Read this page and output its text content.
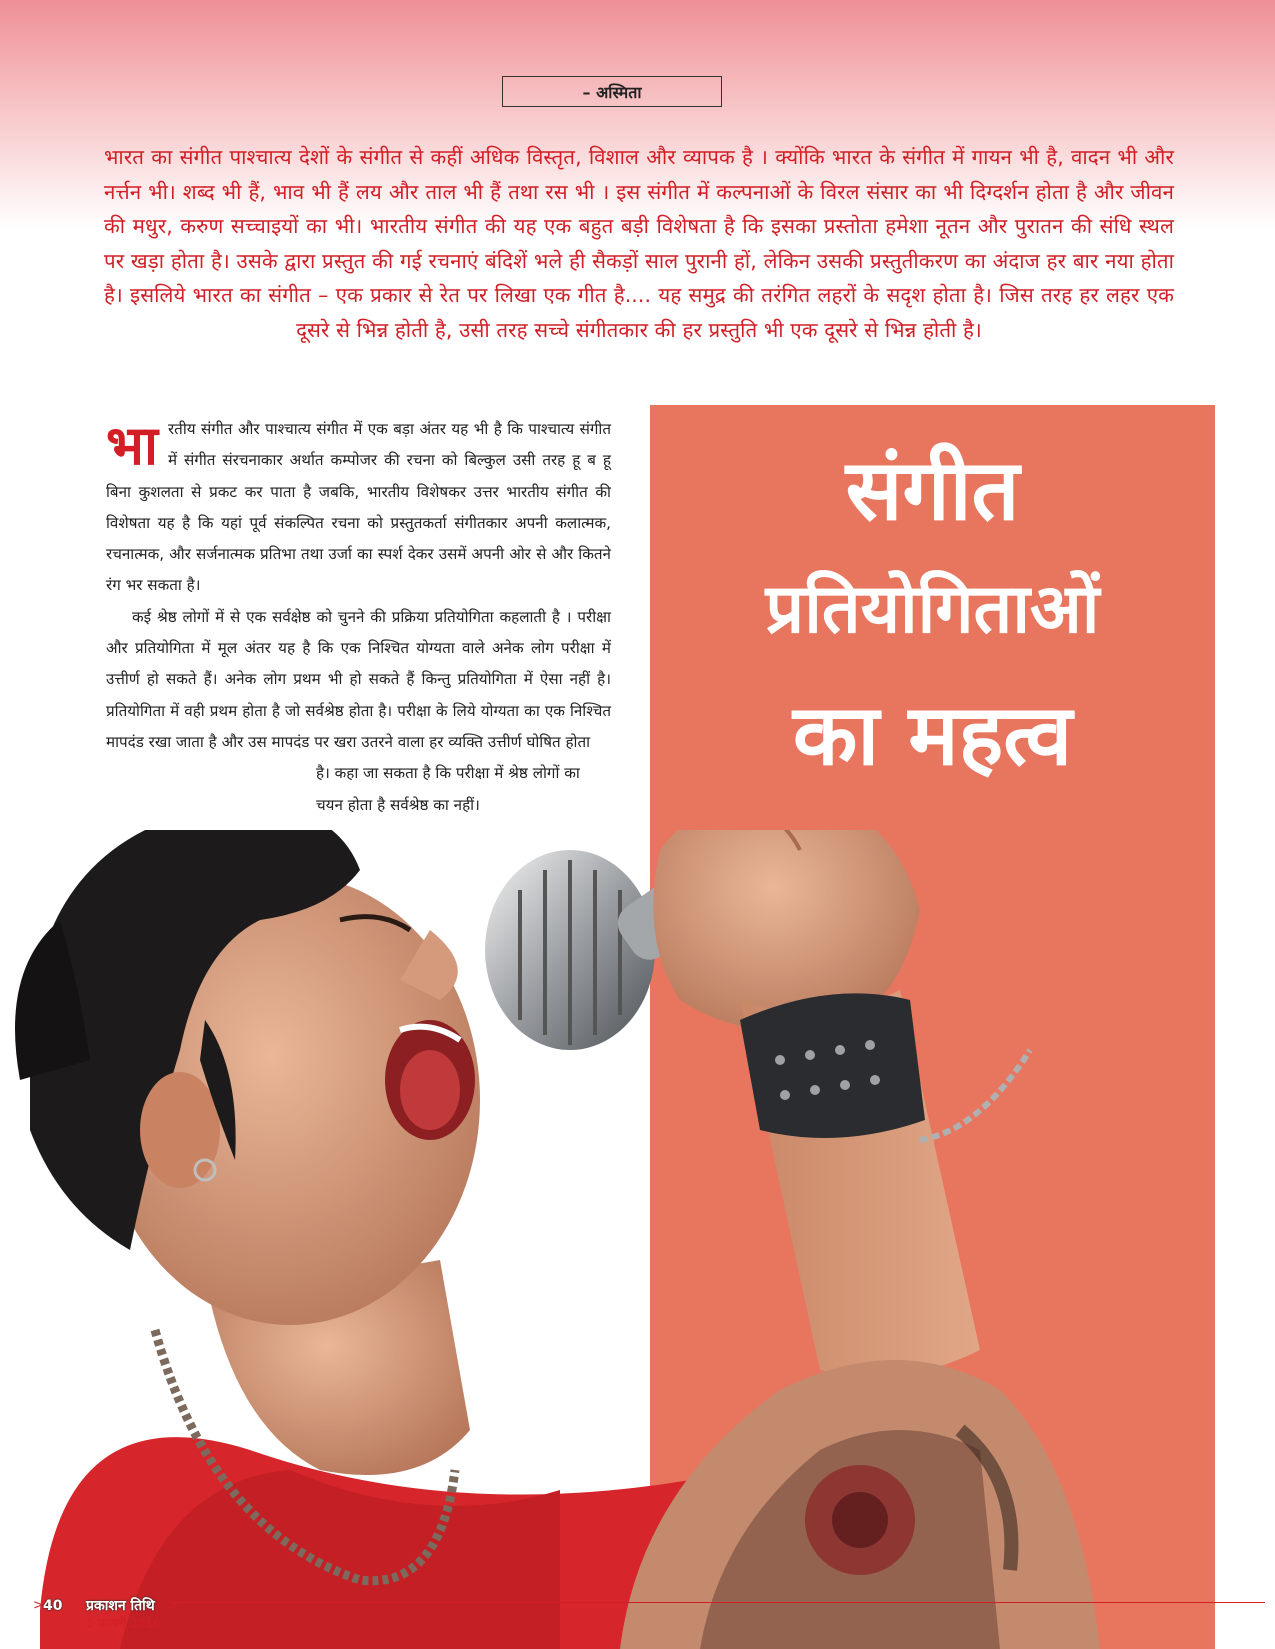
– अस्मिता
भारत का संगीत पाश्चात्य देशों के संगीत से कहीं अधिक विस्तृत, विशाल और व्यापक है । क्योंकि भारत के संगीत में गायन भी है, वादन भी और नर्त्तन भी। शब्द भी हैं, भाव भी हैं लय और ताल भी हैं तथा रस भी । इस संगीत में कल्पनाओं के विरल संसार का भी दिग्दर्शन होता है और जीवन की मधुर, करुण सच्चाइयों का भी। भारतीय संगीत की यह एक बहुत बड़ी विशेषता है कि इसका प्रस्तोता हमेशा नूतन और पुरातन की संधि स्थल पर खड़ा होता है। उसके द्वारा प्रस्तुत की गई रचनाएं बंदिशें भले ही सैकड़ों साल पुरानी हों, लेकिन उसकी प्रस्तुतीकरण का अंदाज हर बार नया होता है। इसलिये भारत का संगीत – एक प्रकार से रेत पर लिखा एक गीत है.... यह समुद्र की तरंगित लहरों के सदृश होता है। जिस तरह हर लहर एक दूसरे से भिन्न होती है, उसी तरह सच्चे संगीतकार की हर प्रस्तुति भी एक दूसरे से भिन्न होती है।
संगीत
प्रतियोगिताओं
का महत्व
भा रतीय संगीत और पाश्चात्य संगीत में एक बड़ा अंतर यह भी है कि पाश्चात्य संगीत में संगीत संरचनाकार अर्थात कम्पोजर की रचना को बिल्कुल उसी तरह हू ब हू बिना कुशलता से प्रकट कर पाता है जबकि, भारतीय विशेषकर उत्तर भारतीय संगीत की विशेषता यह है कि यहां पूर्व संकल्पित रचना को प्रस्तुतकर्ता संगीतकार अपनी कलात्मक, रचनात्मक, और सर्जनात्मक प्रतिभा तथा उर्जा का स्पर्श देकर उसमें अपनी ओर से और कितने रंग भर सकता है।

कई श्रेष्ठ लोगों में से एक सर्वक्षेष्ठ को चुनने की प्रक्रिया प्रतियोगिता कहलाती है । परीक्षा और प्रतियोगिता में मूल अंतर यह है कि एक निश्चित योग्यता वाले अनेक लोग परीक्षा में उत्तीर्ण हो सकते हैं। अनेक लोग प्रथम भी हो सकते हैं किन्तु प्रतियोगिता में ऐसा नहीं है। प्रतियोगिता में वही प्रथम होता है जो सर्वश्रेष्ठ होता है। परीक्षा के लिये योग्यता का एक निश्चित मापदंड रखा जाता है और उस मापदंड पर खरा उतरने वाला हर व्यक्ति उत्तीर्ण घोषित होता

है। कहा जा सकता है कि परीक्षा में श्रेष्ठ लोगों का चयन होता है सर्वश्रेष्ठ का नहीं।

> 40 प्रकाशन तिथि
1 फरवरी 2016
>
